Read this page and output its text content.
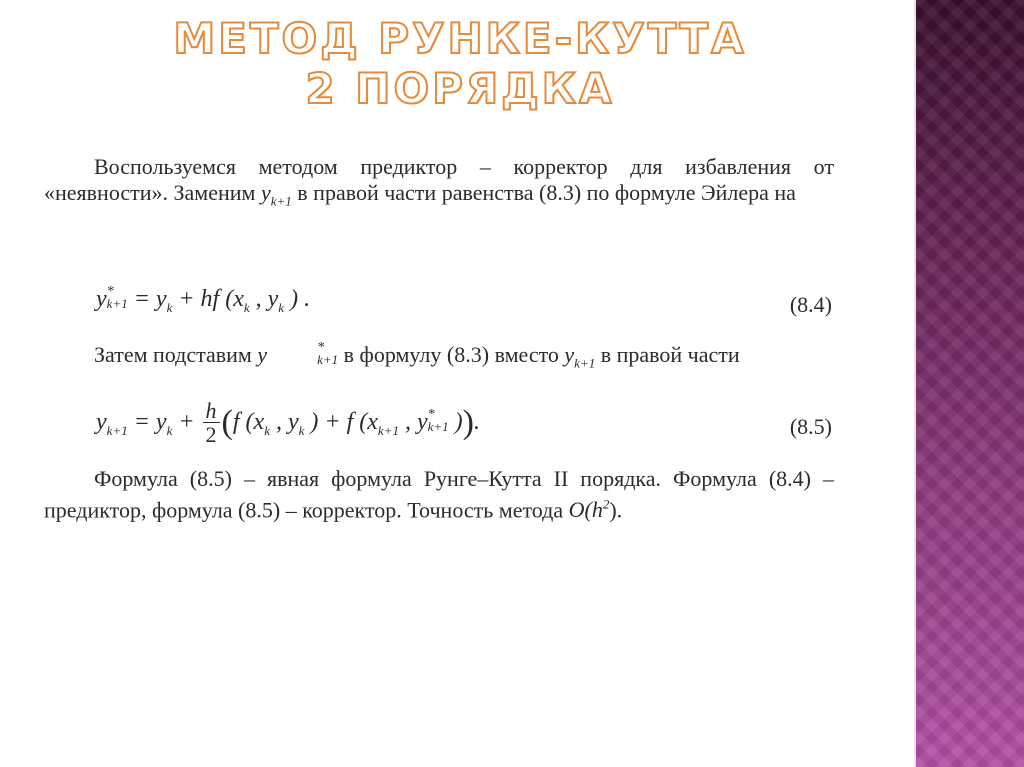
МЕТОД РУНКЕ-КУТТА
2 ПОРЯДКА
Воспользуемся методом предиктор – корректор для избавления от «неявности». Заменим $y_{k+1}$ в правой части равенства (8.3) по формуле Эйлера на
y *
$k+1 = y_k$ + hf ($x_k$ , $y_k$ ) .	(8.4)
Затем подставим y	*
k+1 в формулу (8.3) вместо $y_{k+1}$ в правой части
$y_{k+1} = y_k + \frac{h}{2} (f$ ($x_k$ , $y_k$ ) + f ($x_{k+1}$ , y *
k+1 )).	(8.5)
Формула (8.5) – явная формула Рунге–Кутта II порядка. Формула (8.4) – предиктор, формула (8.5) – корректор. Точность метода $O(h^2)$.
